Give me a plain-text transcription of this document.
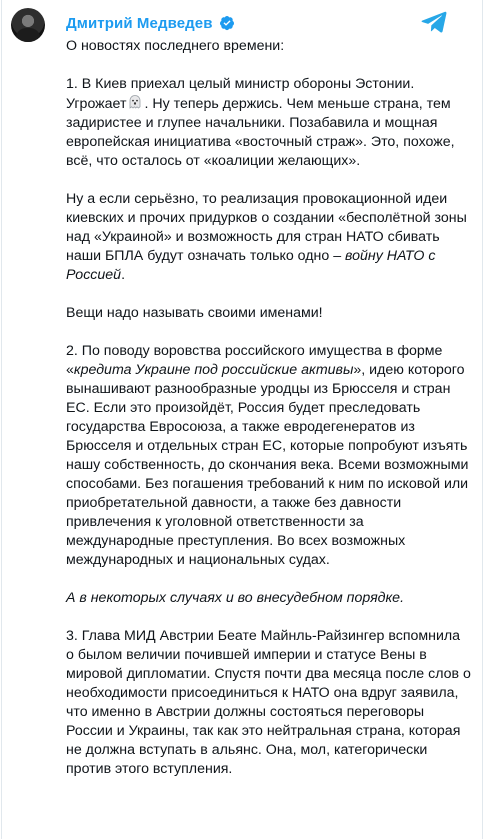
Дмитрий Медведев

О новостях последнего времени:

1. В Киев приехал целый министр обороны Эстонии. Угрожает . Ну теперь держись. Чем меньше страна, тем задиристее и глупее начальники. Позабавила и мощная европейская инициатива «восточный страж». Это, похоже, всё, что осталось от «коалиции желающих».

Ну а если серьёзно, то реализация провокационной идеи киевских и прочих придурков о создании «бесполётной зоны над «Украиной» и возможность для стран НАТО сбивать наши БПЛА будут означать только одно – войну НАТО с Россией.

Вещи надо называть своими именами!

2. По поводу воровства российского имущества в форме «кредита Украине под российские активы», идею которого вынашивают разнообразные уродцы из Брюсселя и стран ЕС. Если это произойдёт, Россия будет преследовать государства Евросоюза, а также евродегенератов из Брюсселя и отдельных стран ЕС, которые попробуют изъять нашу собственность, до скончания века. Всеми возможными способами. Без погашения требований к ним по исковой или приобретательной давности, а также без давности привлечения к уголовной ответственности за международные преступления. Во всех возможных международных и национальных судах.

А в некоторых случаях и во внесудебном порядке.

3. Глава МИД Австрии Беате Майнль-Райзингер вспомнила о былом величии почившей империи и статусе Вены в мировой дипломатии. Спустя почти два месяца после слов о необходимости присоединиться к НАТО она вдруг заявила, что именно в Австрии должны состояться переговоры России и Украины, так как это нейтральная страна, которая не должна вступать в альянс. Она, мол, категорически против этого вступления.
